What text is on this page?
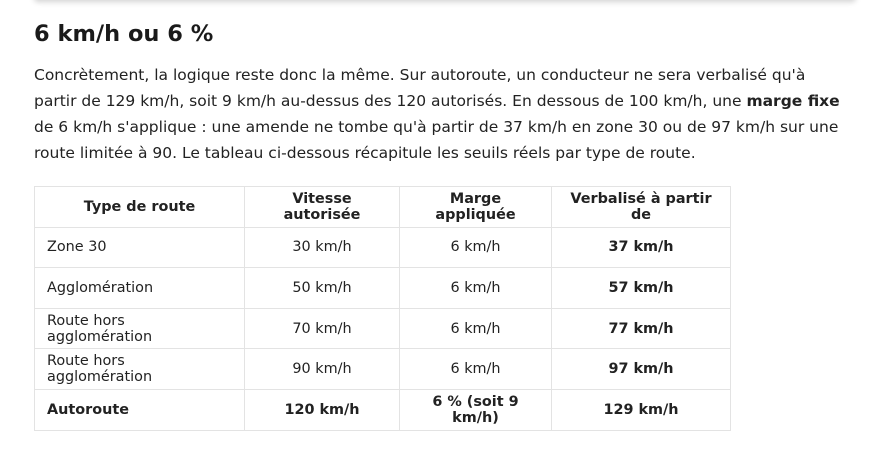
6 km/h ou 6 %

Concrètement, la logique reste donc la même. Sur autoroute, un conducteur ne sera verbalisé qu'à partir de 129 km/h, soit 9 km/h au-dessus des 120 autorisés. En dessous de 100 km/h, une marge fixe de 6 km/h s'applique : une amende ne tombe qu'à partir de 37 km/h en zone 30 ou de 97 km/h sur une route limitée à 90. Le tableau ci-dessous récapitule les seuils réels par type de route.

Type de route	Vitesse autorisée	Marge appliquée	Verbalisé à partir de
Zone 30	30 km/h	6 km/h	37 km/h
Agglomération	50 km/h	6 km/h	57 km/h
Route hors agglomération	70 km/h	6 km/h	77 km/h
Route hors agglomération	90 km/h	6 km/h	97 km/h
Autoroute	120 km/h	6 % (soit 9 km/h)	129 km/h
